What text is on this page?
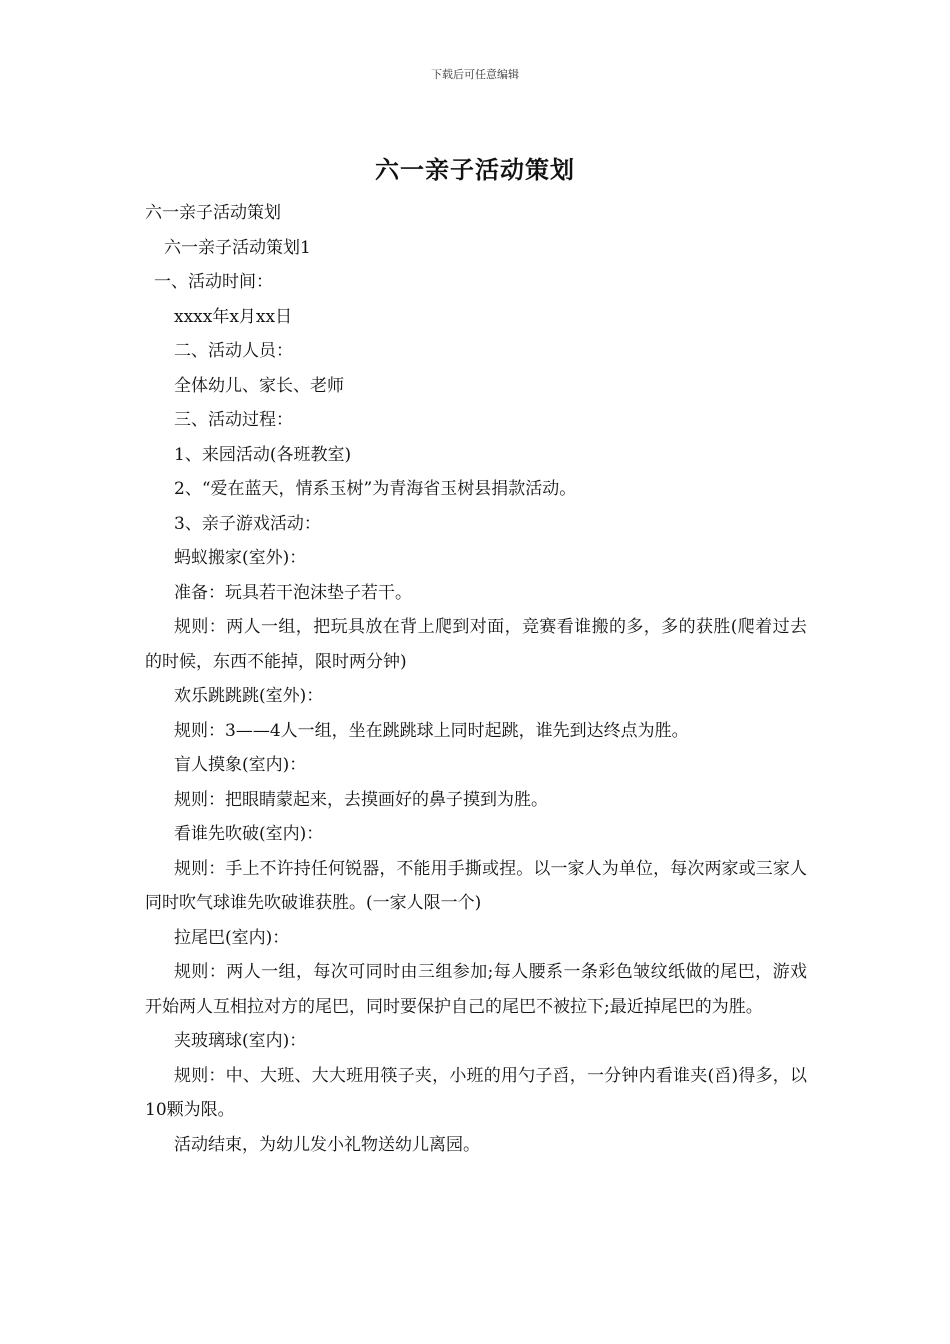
下载后可任意编辑
六一亲子活动策划

六一亲子活动策划

六一亲子活动策划1

一、活动时间：

xxxx年x月xx日

二、活动人员：

全体幼儿、家长、老师

三、活动过程：

1、来园活动(各班教室)

2、“爱在蓝天，情系玉树”为青海省玉树县捐款活动。

3、亲子游戏活动：

蚂蚁搬家(室外)：

准备：玩具若干泡沫垫子若干。

规则：两人一组，把玩具放在背上爬到对面，竞赛看谁搬的多，多的获胜(爬着过去的时候，东西不能掉，限时两分钟)

欢乐跳跳跳(室外)：

规则：3——4人一组，坐在跳跳球上同时起跳，谁先到达终点为胜。

盲人摸象(室内)：

规则：把眼睛蒙起来，去摸画好的鼻子摸到为胜。

看谁先吹破(室内)：

规则：手上不许持任何锐器，不能用手撕或捏。以一家人为单位，每次两家或三家人同时吹气球谁先吹破谁获胜。(一家人限一个)

拉尾巴(室内)：

规则：两人一组，每次可同时由三组参加;每人腰系一条彩色皱纹纸做的尾巴，游戏开始两人互相拉对方的尾巴，同时要保护自己的尾巴不被拉下;最近掉尾巴的为胜。

夹玻璃球(室内)：

规则：中、大班、大大班用筷子夹，小班的用勺子舀，一分钟内看谁夹(舀)得多，以10颗为限。

活动结束，为幼儿发小礼物送幼儿离园。
